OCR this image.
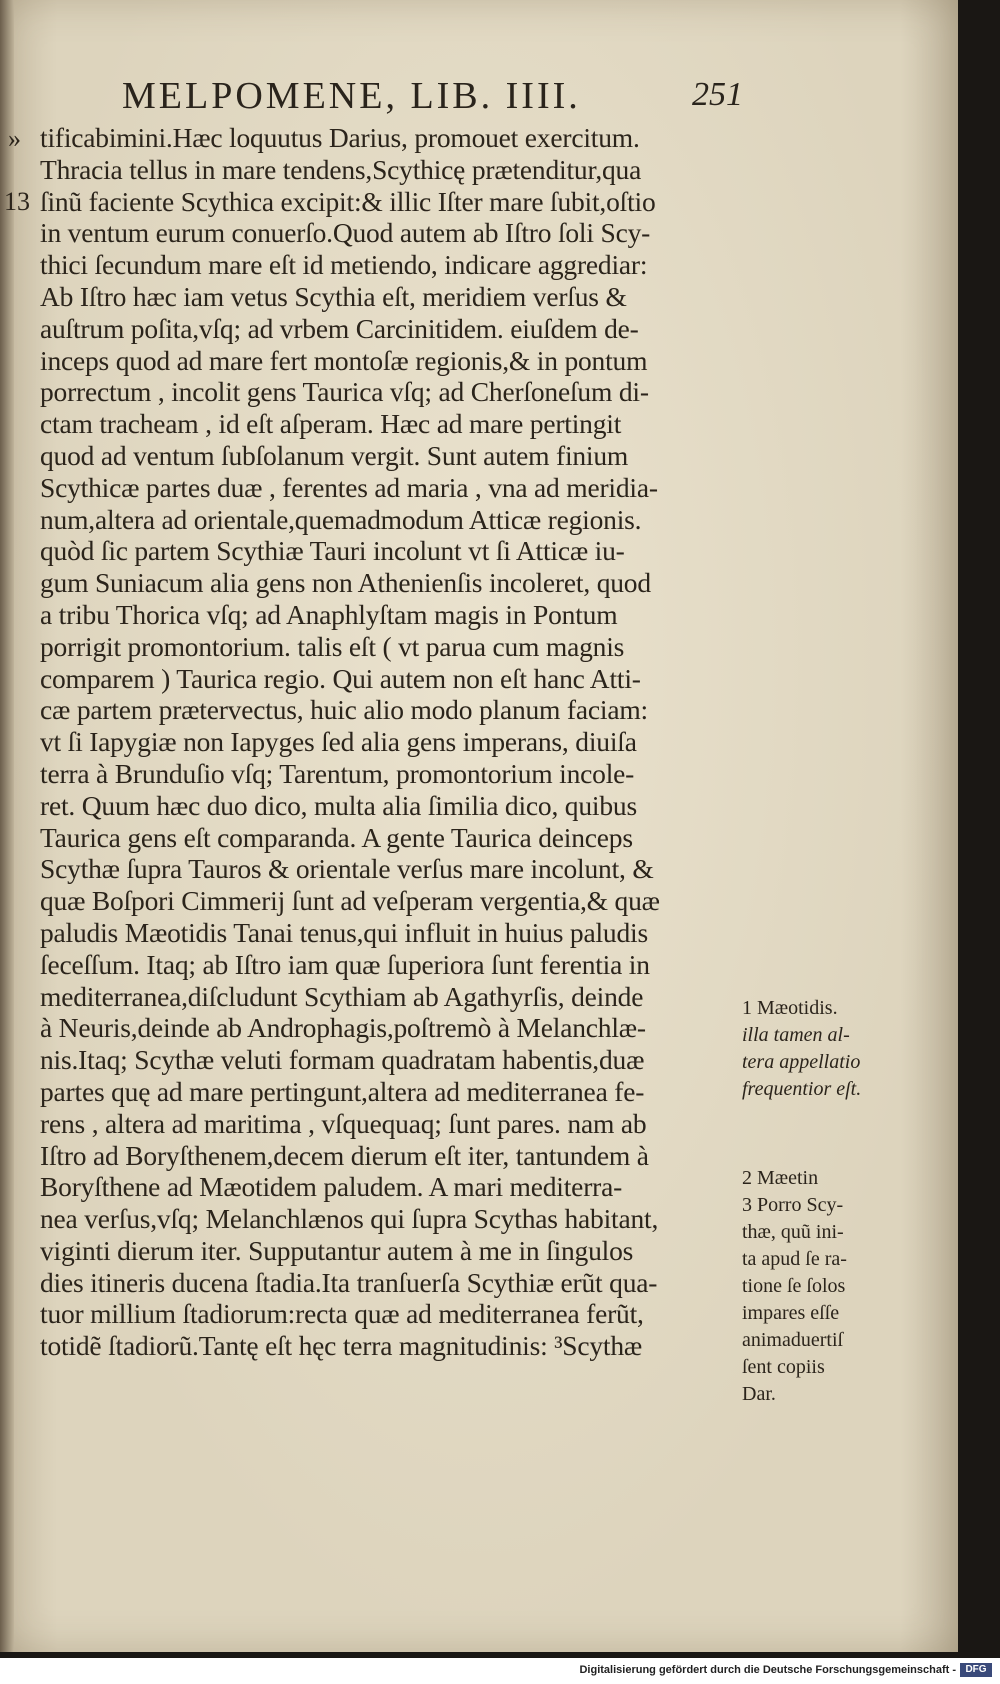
MELPOMENE, LIB. IIII.	251
»
13
tificabimini.Hæc loquutus Darius, promouet exercitum.
Thracia tellus in mare tendens,Scythicę prætenditur,qua
ſinũ faciente Scythica excipit:& illic Iſter mare ſubit,oſtio
in ventum eurum conuerſo.Quod autem ab Iſtro ſoli Scy-
thici ſecundum mare eſt id metiendo, indicare aggrediar:
Ab Iſtro hæc iam vetus Scythia eſt, meridiem verſus &
auſtrum poſita,vſq; ad vrbem Carcinitidem. eiuſdem de-
inceps quod ad mare fert montoſæ regionis,& in pontum
porrectum , incolit gens Taurica vſq; ad Cherſoneſum di-
ctam tracheam , id eſt aſperam. Hæc ad mare pertingit
quod ad ventum ſubſolanum vergit. Sunt autem finium
Scythicæ partes duæ , ferentes ad maria , vna ad meridia-
num,altera ad orientale,quemadmodum Atticæ regionis.
quòd ſic partem Scythiæ Tauri incolunt vt ſi Atticæ iu-
gum Suniacum alia gens non Athenienſis incoleret, quod
a tribu Thorica vſq; ad Anaphlyſtam magis in Pontum
porrigit promontorium. talis eſt ( vt parua cum magnis
comparem ) Taurica regio. Qui autem non eſt hanc Atti-
cæ partem prætervectus, huic alio modo planum faciam:
vt ſi Iapygiæ non Iapyges ſed alia gens imperans, diuiſa
terra à Brunduſio vſq; Tarentum, promontorium incole-
ret. Quum hæc duo dico, multa alia ſimilia dico, quibus
Taurica gens eſt comparanda. A gente Taurica deinceps
Scythæ ſupra Tauros & orientale verſus mare incolunt, &
quæ Boſpori Cimmerij ſunt ad veſperam vergentia,& quæ
paludis Mæotidis Tanai tenus,qui influit in huius paludis
ſeceſſum. Itaq; ab Iſtro iam quæ ſuperiora ſunt ferentia in
mediterranea,diſcludunt Scythiam ab Agathyrſis, deinde
à Neuris,deinde ab Androphagis,poſtremò à Melanchlæ-
nis.Itaq; Scythæ veluti formam quadratam habentis,duæ
partes quę ad mare pertingunt,altera ad mediterranea fe-
rens , altera ad maritima , vſquequaq; ſunt pares. nam ab
Iſtro ad Boryſthenem,decem dierum eſt iter, tantundem à
Boryſthene ad Mæotidem paludem. A mari mediterra-
nea verſus,vſq; Melanchlænos qui ſupra Scythas habitant,
viginti dierum iter. Supputantur autem à me in ſingulos
dies itineris ducena ſtadia.Ita tranſuerſa Scythiæ erũt qua-
tuor millium ſtadiorum:recta quæ ad mediterranea ferũt,
totidẽ ſtadiorũ.Tantę eſt hęc terra magnitudinis: ³Scythæ
1 Mæotidis.
illa tamen al-
tera appellatio
frequentior eſt.
2 Mæetin
3 Porro Scy-
thæ, quũ ini-
ta apud ſe ra-
tione ſe ſolos
impares eſſe
animaduertiſ
ſent copiis
Dar.
Digitalisierung gefördert durch die Deutsche Forschungsgemeinschaft - DFG
